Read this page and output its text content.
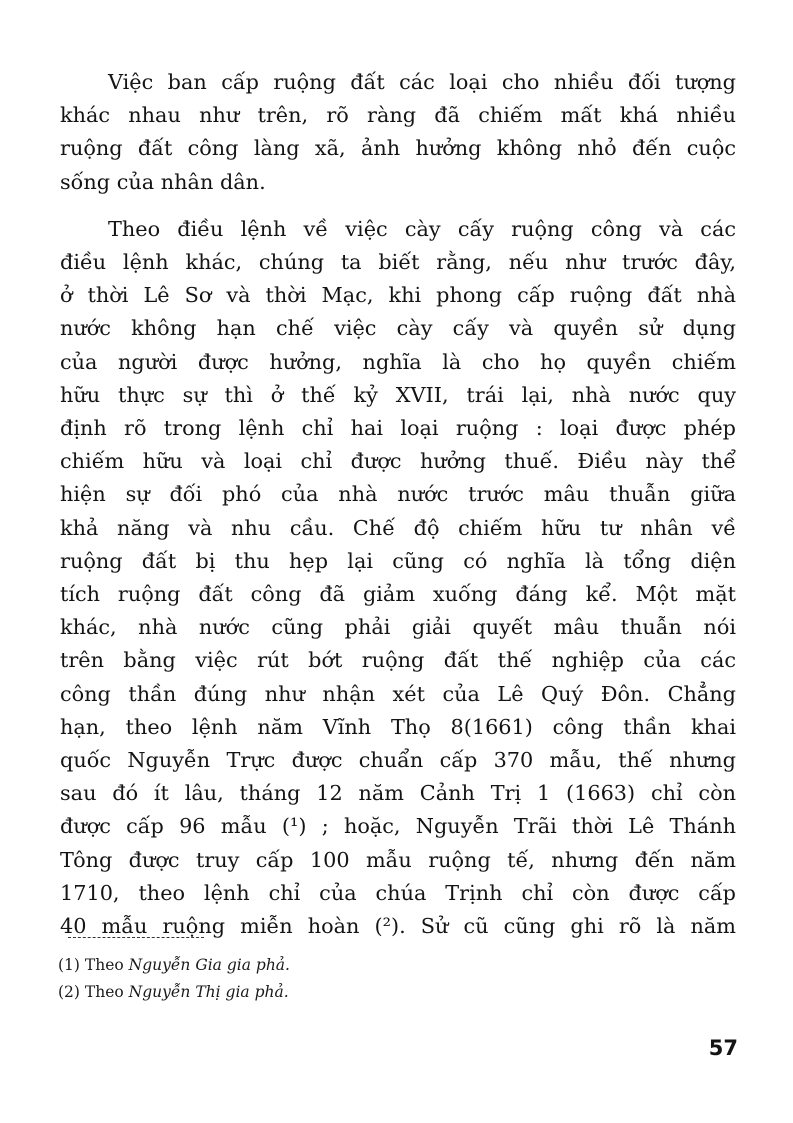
Việc ban cấp ruộng đất các loại cho nhiều đối tượng
khác nhau như trên, rõ ràng đã chiếm mất khá nhiều
ruộng đất công làng xã, ảnh hưởng không nhỏ đến cuộc
sống của nhân dân.

Theo điều lệnh về việc cày cấy ruộng công và các
điều lệnh khác, chúng ta biết rằng, nếu như trước đây,
ở thời Lê Sơ và thời Mạc, khi phong cấp ruộng đất nhà
nước không hạn chế việc cày cấy và quyền sử dụng
của người được hưởng, nghĩa là cho họ quyền chiếm
hữu thực sự thì ở thế kỷ XVII, trái lại, nhà nước quy
định rõ trong lệnh chỉ hai loại ruộng : loại được phép
chiếm hữu và loại chỉ được hưởng thuế. Điều này thể
hiện sự đối phó của nhà nước trước mâu thuẫn giữa
khả năng và nhu cầu. Chế độ chiếm hữu tư nhân về
ruộng đất bị thu hẹp lại cũng có nghĩa là tổng diện
tích ruộng đất công đã giảm xuống đáng kể. Một mặt
khác, nhà nước cũng phải giải quyết mâu thuẫn nói
trên bằng việc rút bớt ruộng đất thế nghiệp của các
công thần đúng như nhận xét của Lê Quý Đôn. Chẳng
hạn, theo lệnh năm Vĩnh Thọ 8(1661) công thần khai
quốc Nguyễn Trực được chuẩn cấp 370 mẫu, thế nhưng
sau đó ít lâu, tháng 12 năm Cảnh Trị 1 (1663) chỉ còn
được cấp 96 mẫu (¹) ; hoặc, Nguyễn Trãi thời Lê Thánh
Tông được truy cấp 100 mẫu ruộng tế, nhưng đến năm
1710, theo lệnh chỉ của chúa Trịnh chỉ còn được cấp
40 mẫu ruộng miễn hoàn (²). Sử cũ cũng ghi rõ là năm

(1) Theo Nguyễn Gia gia phả.
(2) Theo Nguyễn Thị gia phả.
57
